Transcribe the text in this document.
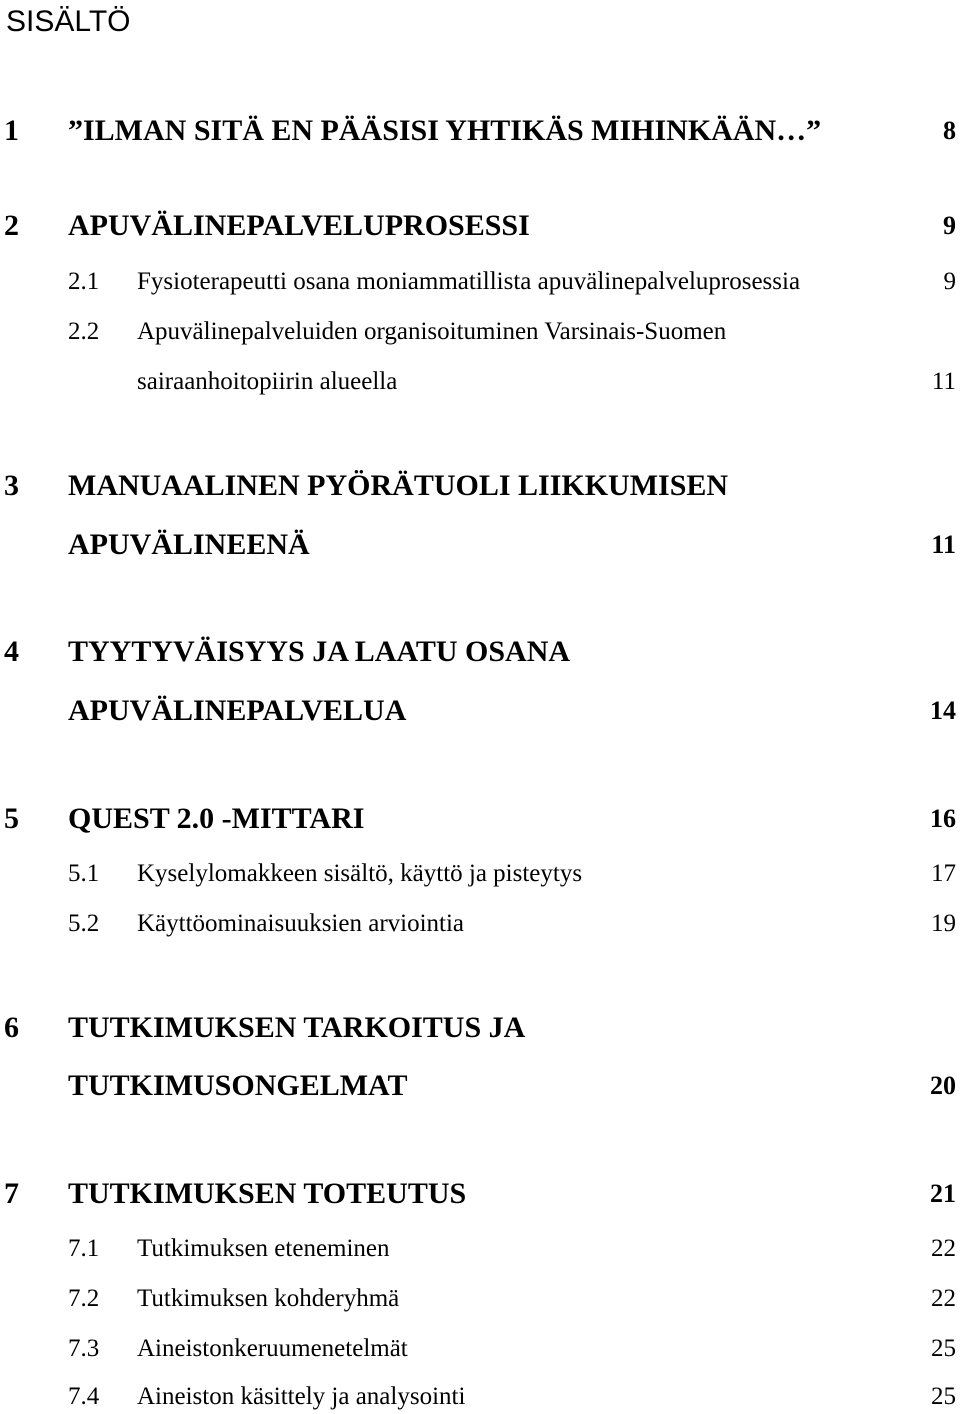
SISÄLTÖ
1 ”ILMAN SITÄ EN PÄÄSISI YHTIKÄS MIHINKÄÄN…”	8
2 APUVÄLINEPALVELUPROSESSI	9
2.1 Fysioterapeutti osana moniammatillista apuvälinepalveluprosessia	9
2.2 Apuvälinepalveluiden organisoituminen Varsinais-Suomen
sairaanhoitopiirin alueella	11
3 MANUAALINEN PYÖRÄTUOLI LIIKKUMISEN
APUVÄLINEENÄ	11
4 TYYTYVÄISYYS JA LAATU OSANA
APUVÄLINEPALVELUA	14
5 QUEST 2.0 -MITTARI	16
5.1 Kyselylomakkeen sisältö, käyttö ja pisteytys	17
5.2 Käyttöominaisuuksien arviointia	19
6 TUTKIMUKSEN TARKOITUS JA
TUTKIMUSONGELMAT	20
7 TUTKIMUKSEN TOTEUTUS	21
7.1 Tutkimuksen eteneminen	22
7.2 Tutkimuksen kohderyhmä	22
7.3 Aineistonkeruumenetelmät	25
7.4 Aineiston käsittely ja analysointi	25
